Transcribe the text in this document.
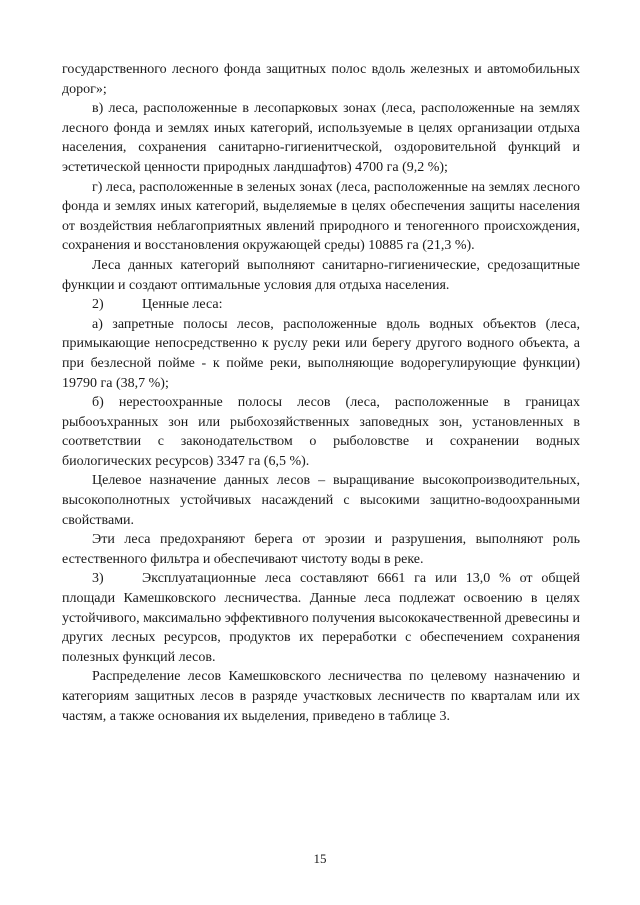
государственного лесного фонда защитных полос вдоль железных и автомобильных дорог»;

в) леса, расположенные в лесопарковых зонах (леса, расположенные на землях лесного фонда и землях иных категорий, используемые в целях организации отдыха населения, сохранения санитарно-гигиенитческой, оздоровительной функций и эстетической ценности природных ландшафтов) 4700 га (9,2 %);

г) леса, расположенные в зеленых зонах (леса, расположенные на землях лесного фонда и землях иных категорий, выделяемые в целях обеспечения защиты населения от воздействия неблагоприятных явлений природного и теногенного происхождения, сохранения и восстановления окружающей среды) 10885 га (21,3 %).

Леса данных категорий выполняют санитарно-гигиенические, средозащитные функции и создают оптимальные условия для отдыха населения.

2)	Ценные леса:

а) запретные полосы лесов, расположенные вдоль водных объектов (леса, примыкающие непосредственно к руслу реки или берегу другого водного объекта, а при безлесной пойме - к пойме реки, выполняющие водорегулирующие функции) 19790 га (38,7 %);

б) нерестоохранные полосы лесов (леса, расположенные в границах рыбооъхранных зон или рыбохозяйственных заповедных зон, установленных в соответствии с законодательством о рыболовстве и сохранении водных биологических ресурсов) 3347 га (6,5 %).

Целевое назначение данных лесов – выращивание высокопроизводительных, высокополнотных устойчивых насаждений с высокими защитно-водоохранными свойствами.

Эти леса предохраняют берега от эрозии и разрушения, выполняют роль естественного фильтра и обеспечивают чистоту воды в реке.

3)	Эксплуатационные леса составляют 6661 га или 13,0 % от общей площади Камешковского лесничества. Данные леса подлежат освоению в целях устойчивого, максимально эффективного получения высококачественной древесины и других лесных ресурсов, продуктов их переработки с обеспечением сохранения полезных функций лесов.

Распределение лесов Камешковского лесничества по целевому назначению и категориям защитных лесов в разряде участковых лесничеств по кварталам или их частям, а также основания их выделения, приведено в таблице 3.

15
